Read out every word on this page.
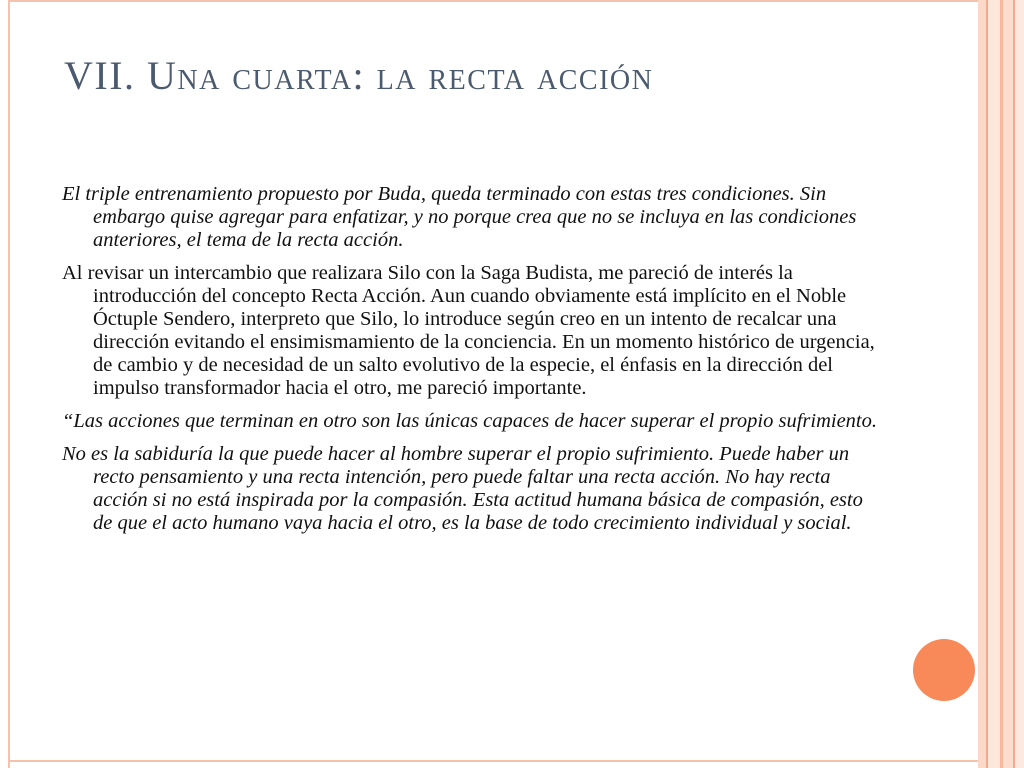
VII. Una cuarta: la recta acción

El triple entrenamiento propuesto por Buda, queda terminado con estas tres condiciones. Sin embargo quise agregar para enfatizar, y no porque crea que no se incluya en las condiciones anteriores, el tema de la recta acción.

Al revisar un intercambio que realizara Silo con la Saga Budista, me pareció de interés la introducción del concepto Recta Acción. Aun cuando obviamente está implícito en el Noble Óctuple Sendero, interpreto que Silo, lo introduce según creo en un intento de recalcar una dirección evitando el ensimismamiento de la conciencia. En un momento histórico de urgencia, de cambio y de necesidad de un salto evolutivo de la especie, el énfasis en la dirección del impulso transformador hacia el otro, me pareció importante.

“Las acciones que terminan en otro son las únicas capaces de hacer superar el propio sufrimiento.

No es la sabiduría la que puede hacer al hombre superar el propio sufrimiento. Puede haber un recto pensamiento y una recta intención, pero puede faltar una recta acción. No hay recta acción si no está inspirada por la compasión. Esta actitud humana básica de compasión, esto de que el acto humano vaya hacia el otro, es la base de todo crecimiento individual y social.
